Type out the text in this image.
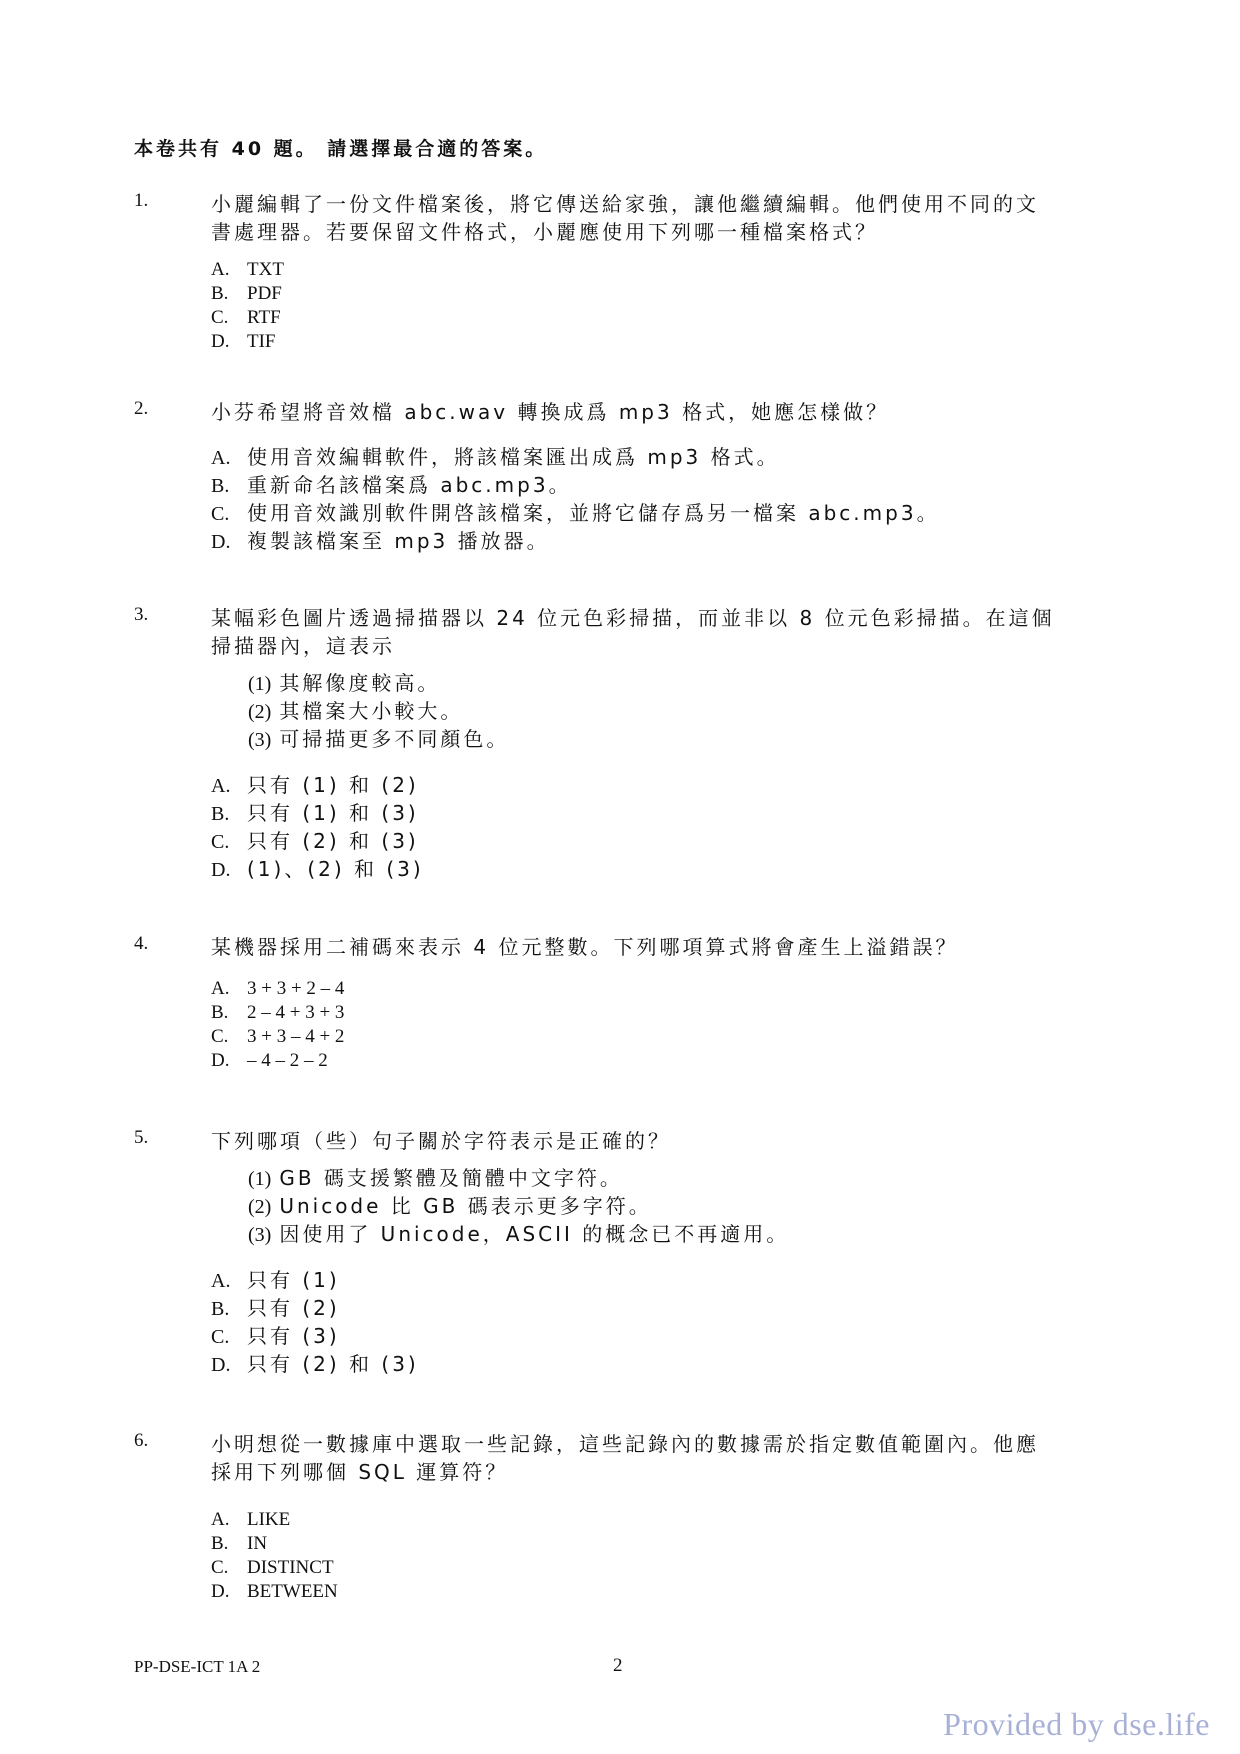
本卷共有 40 題。 請選擇最合適的答案。
1.	小麗編輯了一份文件檔案後，將它傳送給家強，讓他繼續編輯。他們使用不同的文
書處理器。若要保留文件格式，小麗應使用下列哪一種檔案格式？

A. TXT
B. PDF
C. RTF
D. TIF
2.	小芬希望將音效檔 abc.wav 轉換成爲 mp3 格式，她應怎樣做？

A. 使用音效編輯軟件，將該檔案匯出成爲 mp3 格式。
B. 重新命名該檔案爲 abc.mp3。
C. 使用音效識別軟件開啓該檔案，並將它儲存爲另一檔案 abc.mp3。
D. 複製該檔案至 mp3 播放器。
3.	某幅彩色圖片透過掃描器以 24 位元色彩掃描，而並非以 8 位元色彩掃描。在這個
掃描器內，這表示

(1) 其解像度較高。
(2) 其檔案大小較大。
(3) 可掃描更多不同顏色。
A. 只有 (1) 和 (2)
B. 只有 (1) 和 (3)
C. 只有 (2) 和 (3)
D. (1)、(2) 和 (3)
4.	某機器採用二補碼來表示 4 位元整數。下列哪項算式將會產生上溢錯誤？

A. 3 + 3 + 2 – 4
B. 2 – 4 + 3 + 3
C. 3 + 3 – 4 + 2
D. – 4 – 2 – 2
5.	下列哪項（些）句子關於字符表示是正確的？

(1) GB 碼支援繁體及簡體中文字符。
(2) Unicode 比 GB 碼表示更多字符。
(3) 因使用了 Unicode，ASCII 的概念已不再適用。
A. 只有 (1)
B. 只有 (2)
C. 只有 (3)
D. 只有 (2) 和 (3)
6.	小明想從一數據庫中選取一些記錄，這些記錄內的數據需於指定數值範圍內。他應
採用下列哪個 SQL 運算符？

A. LIKE
B. IN
C. DISTINCT
D. BETWEEN
PP-DSE-ICT 1A 2	2
Provided by dse.life
